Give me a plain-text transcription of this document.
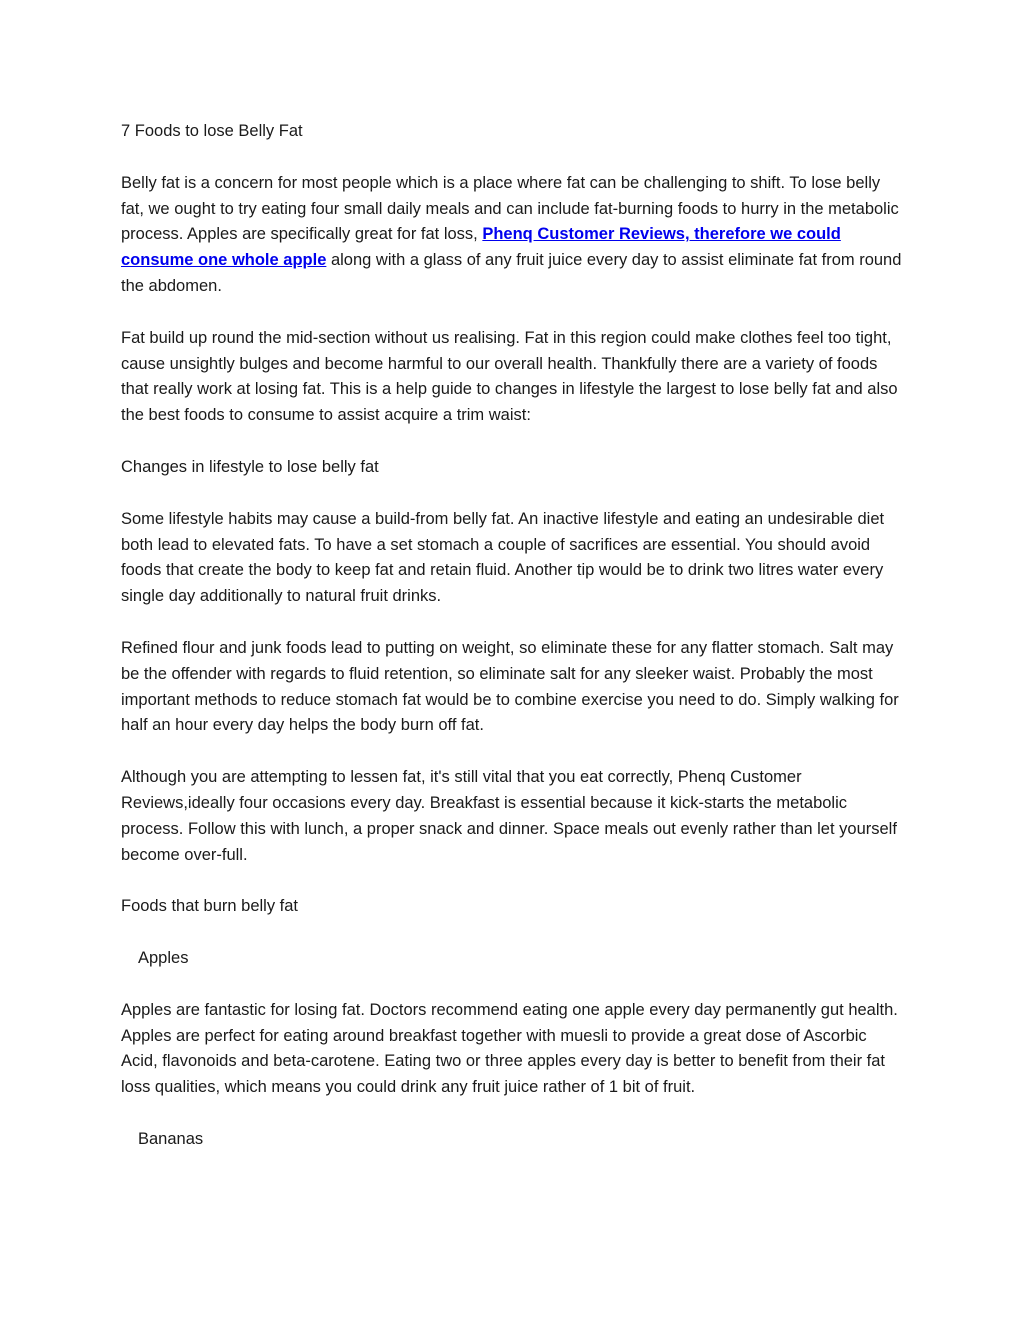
7 Foods to lose Belly Fat

Belly fat is a concern for most people which is a place where fat can be challenging to shift. To lose belly fat, we ought to try eating four small daily meals and can include fat-burning foods to hurry in the metabolic process. Apples are specifically great for fat loss, Phenq Customer Reviews, therefore we could consume one whole apple along with a glass of any fruit juice every day to assist eliminate fat from round the abdomen.

Fat build up round the mid-section without us realising. Fat in this region could make clothes feel too tight, cause unsightly bulges and become harmful to our overall health. Thankfully there are a variety of foods that really work at losing fat. This is a help guide to changes in lifestyle the largest to lose belly fat and also the best foods to consume to assist acquire a trim waist:

Changes in lifestyle to lose belly fat

Some lifestyle habits may cause a build-from belly fat. An inactive lifestyle and eating an undesirable diet both lead to elevated fats. To have a set stomach a couple of sacrifices are essential. You should avoid foods that create the body to keep fat and retain fluid. Another tip would be to drink two litres water every single day additionally to natural fruit drinks.

Refined flour and junk foods lead to putting on weight, so eliminate these for any flatter stomach. Salt may be the offender with regards to fluid retention, so eliminate salt for any sleeker waist. Probably the most important methods to reduce stomach fat would be to combine exercise you need to do. Simply walking for half an hour every day helps the body burn off fat.

Although you are attempting to lessen fat, it's still vital that you eat correctly, Phenq Customer Reviews,ideally four occasions every day. Breakfast is essential because it kick-starts the metabolic process. Follow this with lunch, a proper snack and dinner. Space meals out evenly rather than let yourself become over-full.

Foods that burn belly fat

Apples

Apples are fantastic for losing fat. Doctors recommend eating one apple every day permanently gut health. Apples are perfect for eating around breakfast together with muesli to provide a great dose of Ascorbic Acid, flavonoids and beta-carotene. Eating two or three apples every day is better to benefit from their fat loss qualities, which means you could drink any fruit juice rather of 1 bit of fruit.

Bananas
